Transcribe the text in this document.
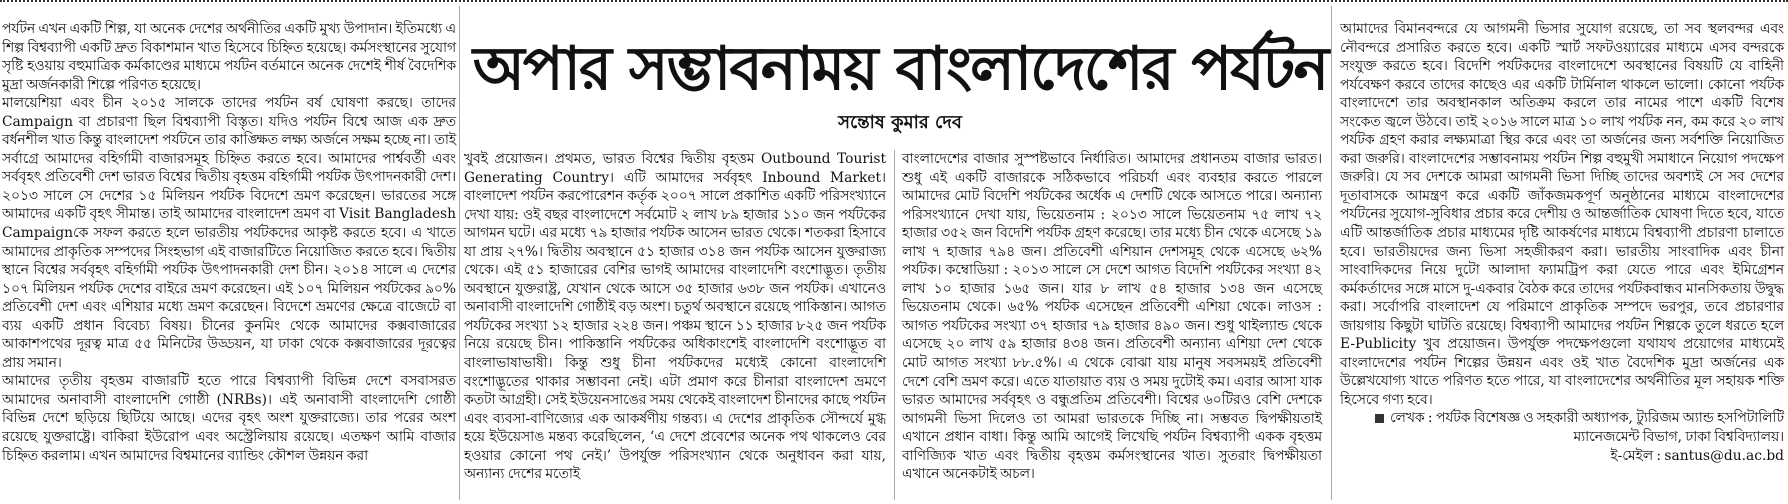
অপার সম্ভাবনাময় বাংলাদেশের পর্যটন
সন্তোষ কুমার দেব

পর্যটন এখন একটি শিল্প, যা অনেক দেশের অর্থনীতির একটি মুখ্য উপাদান। ইতিমধ্যে এ শিল্প বিশ্বব্যাপী একটি দ্রুত বিকাশমান খাত হিসেবে চিহ্নিত হয়েছে। কর্মসংস্থানের সুযোগ সৃষ্টি হওয়ায় বহুমাত্রিক কর্মকাণ্ডের মাধ্যমে পর্যটন বর্তমানে অনেক দেশেই শীর্ষ বৈদেশিক মুদ্রা অর্জনকারী শিল্পে পরিণত হয়েছে।

মালয়েশিয়া এবং চীন ২০১৫ সালকে তাদের পর্যটন বর্ষ ঘোষণা করছে। তাদের Campaign বা প্রচারণা ছিল বিশ্বব্যাপী বিস্তৃত। যদিও পর্যটন বিশ্বে আজ এক দ্রুত বর্ধনশীল খাত কিন্তু বাংলাদেশ পর্যটনে তার কাঙ্ক্ষিত লক্ষ্য অর্জনে সক্ষম হচ্ছে না। তাই সর্বাগ্রে আমাদের বহির্গামী বাজারসমূহ চিহ্নিত করতে হবে। আমাদের পার্শ্ববর্তী এবং সর্ববৃহৎ প্রতিবেশী দেশ ভারত বিশ্বের দ্বিতীয় বৃহত্তম বহির্গামী পর্যটক উৎপাদনকারী দেশ। ২০১৩ সালে সে দেশের ১৫ মিলিয়ন পর্যটক বিদেশে ভ্রমণ করেছেন। ভারতের সঙ্গে আমাদের একটি বৃহৎ সীমান্ত। তাই আমাদের বাংলাদেশ ভ্রমণ বা Visit Bangladesh Campaignকে সফল করতে হলে ভারতীয় পর্যটকদের আকৃষ্ট করতে হবে। এ খাতে আমাদের প্রাকৃতিক সম্পদের সিংহভাগ এই বাজারটিতে নিয়োজিত করতে হবে। দ্বিতীয় স্থানে বিশ্বের সর্ববৃহৎ বহির্গামী পর্যটক উৎপাদনকারী দেশ চীন। ২০১৪ সালে এ দেশের ১০৭ মিলিয়ন পর্যটক দেশের বাইরে ভ্রমণ করেছেন। এই ১০৭ মিলিয়ন পর্যটকের ৯০% প্রতিবেশী দেশ এবং এশিয়ার মধ্যে ভ্রমণ করেছেন। বিদেশে ভ্রমণের ক্ষেত্রে বাজেটে বা ব্যয় একটি প্রধান বিবেচ্য বিষয়। চীনের কুনমিং থেকে আমাদের কক্সবাজারের আকাশপথের দূরত্ব মাত্র ৫৫ মিনিটের উড্ডয়ন, যা ঢাকা থেকে কক্সবাজারের দূরত্বের প্রায় সমান।

আমাদের তৃতীয় বৃহত্তম বাজারটি হতে পারে বিশ্বব্যাপী বিভিন্ন দেশে বসবাসরত আমাদের অনাবাসী বাংলাদেশি গোষ্ঠী (NRBs)। এই অনাবাসী বাংলাদেশি গোষ্ঠী বিভিন্ন দেশে ছড়িয়ে ছিটিয়ে আছে। এদের বৃহৎ অংশ যুক্তরাজ্যে। তার পরের অংশ রয়েছে যুক্তরাষ্ট্রে। বাকিরা ইউরোপ এবং অস্ট্রেলিয়ায় রয়েছে। এতক্ষণ আমি বাজার চিহ্নিত করলাম। এখন আমাদের বিশ্বমানের ব্যান্ডিং কৌশল উন্নয়ন করা

খুবই প্রয়োজন। প্রথমত, ভারত বিশ্বের দ্বিতীয় বৃহত্তম Outbound Tourist Generating Country। এটি আমাদের সর্ববৃহৎ Inbound Market। বাংলাদেশ পর্যটন করপোরেশন কর্তৃক ২০০৭ সালে প্রকাশিত একটি পরিসংখ্যানে দেখা যায়: ওই বছর বাংলাদেশে সর্বমোট ২ লাখ ৮৯ হাজার ১১০ জন পর্যটকের আগমন ঘটে। এর মধ্যে ৭৯ হাজার পর্যটক আসেন ভারত থেকে। শতকরা হিসাবে যা প্রায় ২৭%। দ্বিতীয় অবস্থানে ৫১ হাজার ৩১৪ জন পর্যটক আসেন যুক্তরাজ্য থেকে। এই ৫১ হাজারের বেশির ভাগই আমাদের বাংলাদেশি বংশোদ্ভূত। তৃতীয় অবস্থানে যুক্তরাষ্ট্র, যেখান থেকে আসে ৩৫ হাজার ৬৩৮ জন পর্যটক। এখানেও অনাবাসী বাংলাদেশি গোষ্ঠীই বড় অংশ। চতুর্থ অবস্থানে রয়েছে পাকিস্তান। আগত পর্যটকের সংখ্যা ১২ হাজার ২২৪ জন। পঞ্চম স্থানে ১১ হাজার ৮২৫ জন পর্যটক নিয়ে রয়েছে চীন। পাকিস্তানি পর্যটকের অধিকাংশেই বাংলাদেশি বংশোদ্ভূত বা বাংলাভাষাভাষী। কিন্তু শুধু চীনা পর্যটকদের মধ্যেই কোনো বাংলাদেশি বংশোদ্ভূতের থাকার সম্ভাবনা নেই। এটা প্রমাণ করে চীনারা বাংলাদেশ ভ্রমণে কতটা আগ্রহী। সেই ইউয়েনসাঙের সময় থেকেই বাংলাদেশ চীনাদের কাছে পর্যটন এবং ব্যবসা-বাণিজ্যের এক আকর্ষণীয় গন্তব্য। এ দেশের প্রাকৃতিক সৌন্দর্যে মুগ্ধ হয়ে ইউয়েসাঙ মন্তব্য করেছিলেন, ‘এ দেশে প্রবেশের অনেক পথ থাকলেও বের হওয়ার কোনো পথ নেই।’ উপর্যুক্ত পরিসংখ্যান থেকে অনুধাবন করা যায়, অন্যান্য দেশের মতোই

বাংলাদেশের বাজার সুস্পষ্টভাবে নির্ধারিত। আমাদের প্রধানতম বাজার ভারত। শুধু এই একটি বাজারকে সঠিকভাবে পরিচর্যা এবং ব্যবহার করতে পারলে আমাদের মোট বিদেশি পর্যটকের অর্ধেক এ দেশটি থেকে আসতে পারে। অন্যান্য পরিসংখ্যানে দেখা যায়, ভিয়েতনাম : ২০১৩ সালে ভিয়েতনাম ৭৫ লাখ ৭২ হাজার ৩৫২ জন বিদেশি পর্যটক গ্রহণ করেছে। তার মধ্যে চীন থেকে এসেছে ১৯ লাখ ৭ হাজার ৭৯৪ জন। প্রতিবেশী এশিয়ান দেশসমূহ থেকে এসেছে ৬২% পর্যটক। কম্বোডিয়া : ২০১৩ সালে সে দেশে আগত বিদেশি পর্যটকের সংখ্যা ৪২ লাখ ১০ হাজার ১৬৫ জন। যার ৮ লাখ ৫৪ হাজার ১৩৪ জন এসেছে ভিয়েতনাম থেকে। ৬৫% পর্যটক এসেছেন প্রতিবেশী এশিয়া থেকে। লাওস : আগত পর্যটকের সংখ্যা ৩৭ হাজার ৭৯ হাজার ৪৯০ জন। শুধু থাইল্যান্ড থেকে এসেছে ২০ লাখ ৫৯ হাজার ৪৩৪ জন। প্রতিবেশী অন্যান্য এশিয়া দেশ থেকে মোট আগত সংখ্যা ৮৮.৫%। এ থেকে বোঝা যায় মানুষ সবসময়ই প্রতিবেশী দেশে বেশি ভ্রমণ করে। এতে যাতায়াত ব্যয় ও সময় দুটোই কম। এবার আসা যাক ভারত আমাদের সর্ববৃহৎ ও বন্ধুপ্রতিম প্রতিবেশী। বিশ্বের ৬০টিরও বেশি দেশকে আগমনী ভিসা দিলেও তা আমরা ভারতকে দিচ্ছি না। সম্ভবত দ্বিপক্ষীয়তাই এখানে প্রধান বাধা। কিন্তু আমি আগেই লিখেছি পর্যটন বিশ্বব্যাপী একক বৃহত্তম বাণিজ্যিক খাত এবং দ্বিতীয় বৃহত্তম কর্মসংস্থানের খাত। সুতরাং দ্বিপক্ষীয়তা এখানে অনেকটাই অচল।

আমাদের বিমানবন্দরে যে আগমনী ভিসার সুযোগ রয়েছে, তা সব স্থলবন্দর এবং নৌবন্দরে প্রসারিত করতে হবে। একটি স্মার্ট সফটওয়্যারের মাধ্যমে এসব বন্দরকে সংযুক্ত করতে হবে। বিদেশি পর্যটকদের বাংলাদেশে অবস্থানের বিষয়টি যে বাহিনী পর্যবেক্ষণ করবে তাদের কাছেও এর একটি টার্মিনাল থাকলে ভালো। কোনো পর্যটক বাংলাদেশে তার অবস্থানকাল অতিক্রম করলে তার নামের পাশে একটি বিশেষ সংকেত জ্বলে উঠবে। তাই ২০১৬ সালে মাত্র ১০ লাখ পর্যটক নন, কম করে ২০ লাখ পর্যটক গ্রহণ করার লক্ষ্যমাত্রা স্থির করে এবং তা অর্জনের জন্য সর্বশক্তি নিয়োজিত করা জরুরি। বাংলাদেশের সম্ভাবনাময় পর্যটন শিল্প বহুমুখী সমাধানে নিয়োগ পদক্ষেপ জরুরি। যে সব দেশকে আমরা আগমনী ভিসা দিচ্ছি তাদের অবশ্যই সে সব দেশের দূতাবাসকে আমন্ত্রণ করে একটি জাঁকজমকপূর্ণ অনুষ্ঠানের মাধ্যমে বাংলাদেশের পর্যটনের সুযোগ-সুবিধার প্রচার করে দেশীয় ও আন্তর্জাতিক ঘোষণা দিতে হবে, যাতে এটি আন্তর্জাতিক প্রচার মাধ্যমের দৃষ্টি আকর্ষণের মাধ্যমে বিশ্বব্যাপী প্রচারণা চালাতে হবে। ভারতীয়দের জন্য ভিসা সহজীকরণ করা। ভারতীয় সাংবাদিক এবং চীনা সাংবাদিকদের নিয়ে দুটো আলাদা ফ্যামট্রিপ করা যেতে পারে এবং ইমিগ্রেশন কর্মকর্তাদের সঙ্গে মাসে দু-একবার বৈঠক করে তাদের পর্যটকবান্ধব মানসিকতায় উদ্বুদ্ধ করা। সর্বোপরি বাংলাদেশ যে পরিমাণে প্রাকৃতিক সম্পদে ভরপুর, তবে প্রচারণার জায়গায় কিছুটা ঘাটতি রয়েছে। বিশ্বব্যাপী আমাদের পর্যটন শিল্পকে তুলে ধরতে হলে E-Publicity খুব প্রয়োজন। উপর্যুক্ত পদক্ষেপগুলো যথাযথ প্রয়োগের মাধ্যমেই বাংলাদেশের পর্যটন শিল্পের উন্নয়ন এবং ওই খাত বৈদেশিক মুদ্রা অর্জনের এক উল্লেখযোগ্য খাতে পরিণত হতে পারে, যা বাংলাদেশের অর্থনীতির মূল সহায়ক শক্তি হিসেবে গণ্য হবে।

লেখক : পর্যটক বিশেষজ্ঞ ও সহকারী অধ্যাপক, ট্যুরিজম অ্যান্ড হসপিটালিটি ম্যানেজমেন্ট বিভাগ, ঢাকা বিশ্ববিদ্যালয়।

ই-মেইল : santus@du.ac.bd
